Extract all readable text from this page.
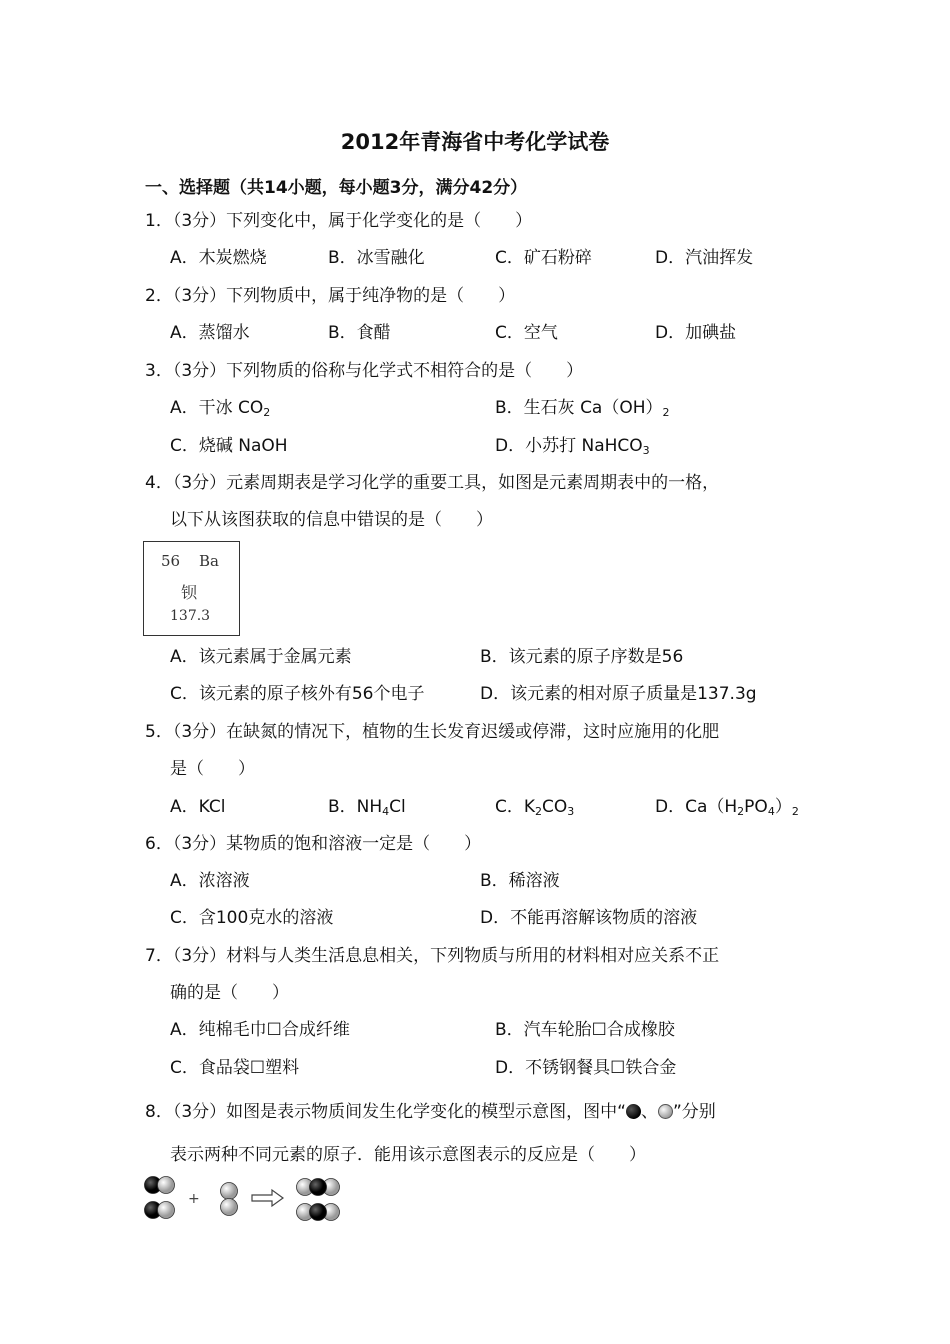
2012年青海省中考化学试卷
一、选择题（共14小题，每小题3分，满分42分）
1．（3分）下列变化中，属于化学变化的是（　　）
A．木炭燃烧	B．冰雪融化	C．矿石粉碎	D．汽油挥发
2．（3分）下列物质中，属于纯净物的是（　　）
A．蒸馏水	B．食醋	C．空气	D．加碘盐
3．（3分）下列物质的俗称与化学式不相符合的是（　　）
A．干冰 $CO_2$	B．生石灰 $Ca(OH)_2$
C．烧碱 NaOH	D．小苏打 NaHCO$_3$
4．（3分）元素周期表是学习化学的重要工具，如图是元素周期表中的一格，
以下从该图获取的信息中错误的是（　　）
56 Ba
钡
137.3
A．该元素属于金属元素	B．该元素的原子序数是56
C．该元素的原子核外有56个电子	D．该元素的相对原子质量是137.3g
5．（3分）在缺氮的情况下，植物的生长发育迟缓或停滞，这时应施用的化肥
是（　　）
A．KCl	B．$NH_4Cl$	C．$K_2CO_3$	D．$Ca(H_2PO_4)_2$
6．（3分）某物质的饱和溶液一定是（　　）
A．浓溶液	B．稀溶液
C．含100克水的溶液	D．不能再溶解该物质的溶液
7．（3分）材料与人类生活息息相关，下列物质与所用的材料相对应关系不正
确的是（　　）
A．纯棉毛巾☐合成纤维	B．汽车轮胎☐合成橡胶
C．食品袋☐塑料	D．不锈钢餐具☐铁合金
8．（3分）如图是表示物质间发生化学变化的模型示意图，图中“ 、 ”分别
表示两种不同元素的原子．能用该示意图表示的反应是（　　）
+
